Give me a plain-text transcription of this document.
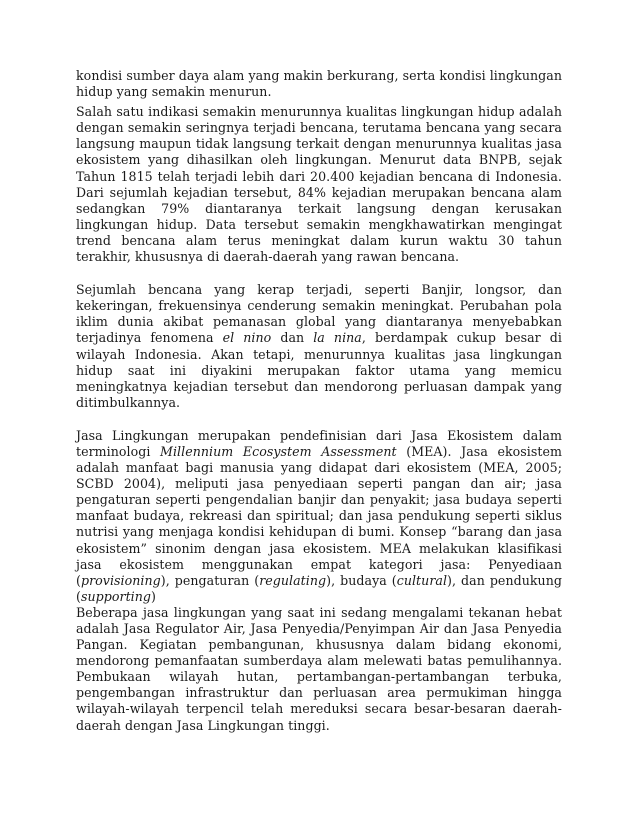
kondisi sumber daya alam yang makin berkurang, serta kondisi lingkungan hidup yang semakin menurun.

Salah satu indikasi semakin menurunnya kualitas lingkungan hidup adalah dengan semakin seringnya terjadi bencana, terutama bencana yang secara langsung maupun tidak langsung terkait dengan menurunnya kualitas jasa ekosistem yang dihasilkan oleh lingkungan. Menurut data BNPB, sejak Tahun 1815 telah terjadi lebih dari 20.400 kejadian bencana di Indonesia. Dari sejumlah kejadian tersebut, 84% kejadian merupakan bencana alam sedangkan 79% diantaranya terkait langsung dengan kerusakan lingkungan hidup. Data tersebut semakin mengkhawatirkan mengingat trend bencana alam terus meningkat dalam kurun waktu 30 tahun terakhir, khususnya di daerah-daerah yang rawan bencana.

Sejumlah bencana yang kerap terjadi, seperti Banjir, longsor, dan kekeringan, frekuensinya cenderung semakin meningkat. Perubahan pola iklim dunia akibat pemanasan global yang diantaranya menyebabkan terjadinya fenomena el nino dan la nina, berdampak cukup besar di wilayah Indonesia. Akan tetapi, menurunnya kualitas jasa lingkungan hidup saat ini diyakini merupakan faktor utama yang memicu meningkatnya kejadian tersebut dan mendorong perluasan dampak yang ditimbulkannya.

Jasa Lingkungan merupakan pendefinisian dari Jasa Ekosistem dalam terminologi Millennium Ecosystem Assessment (MEA). Jasa ekosistem adalah manfaat bagi manusia yang didapat dari ekosistem (MEA, 2005; SCBD 2004), meliputi jasa penyediaan seperti pangan dan air; jasa pengaturan seperti pengendalian banjir dan penyakit; jasa budaya seperti manfaat budaya, rekreasi dan spiritual; dan jasa pendukung seperti siklus nutrisi yang menjaga kondisi kehidupan di bumi. Konsep “barang dan jasa ekosistem” sinonim dengan jasa ekosistem. MEA melakukan klasifikasi jasa ekosistem menggunakan empat kategori jasa: Penyediaan (provisioning), pengaturan (regulating), budaya (cultural), dan pendukung (supporting)

Beberapa jasa lingkungan yang saat ini sedang mengalami tekanan hebat adalah Jasa Regulator Air, Jasa Penyedia/Penyimpan Air dan Jasa Penyedia Pangan. Kegiatan pembangunan, khususnya dalam bidang ekonomi, mendorong pemanfaatan sumberdaya alam melewati batas pemulihannya. Pembukaan wilayah hutan, pertambangan-pertambangan terbuka, pengembangan infrastruktur dan perluasan area permukiman hingga wilayah-wilayah terpencil telah mereduksi secara besar-besaran daerah-daerah dengan Jasa Lingkungan tinggi.
